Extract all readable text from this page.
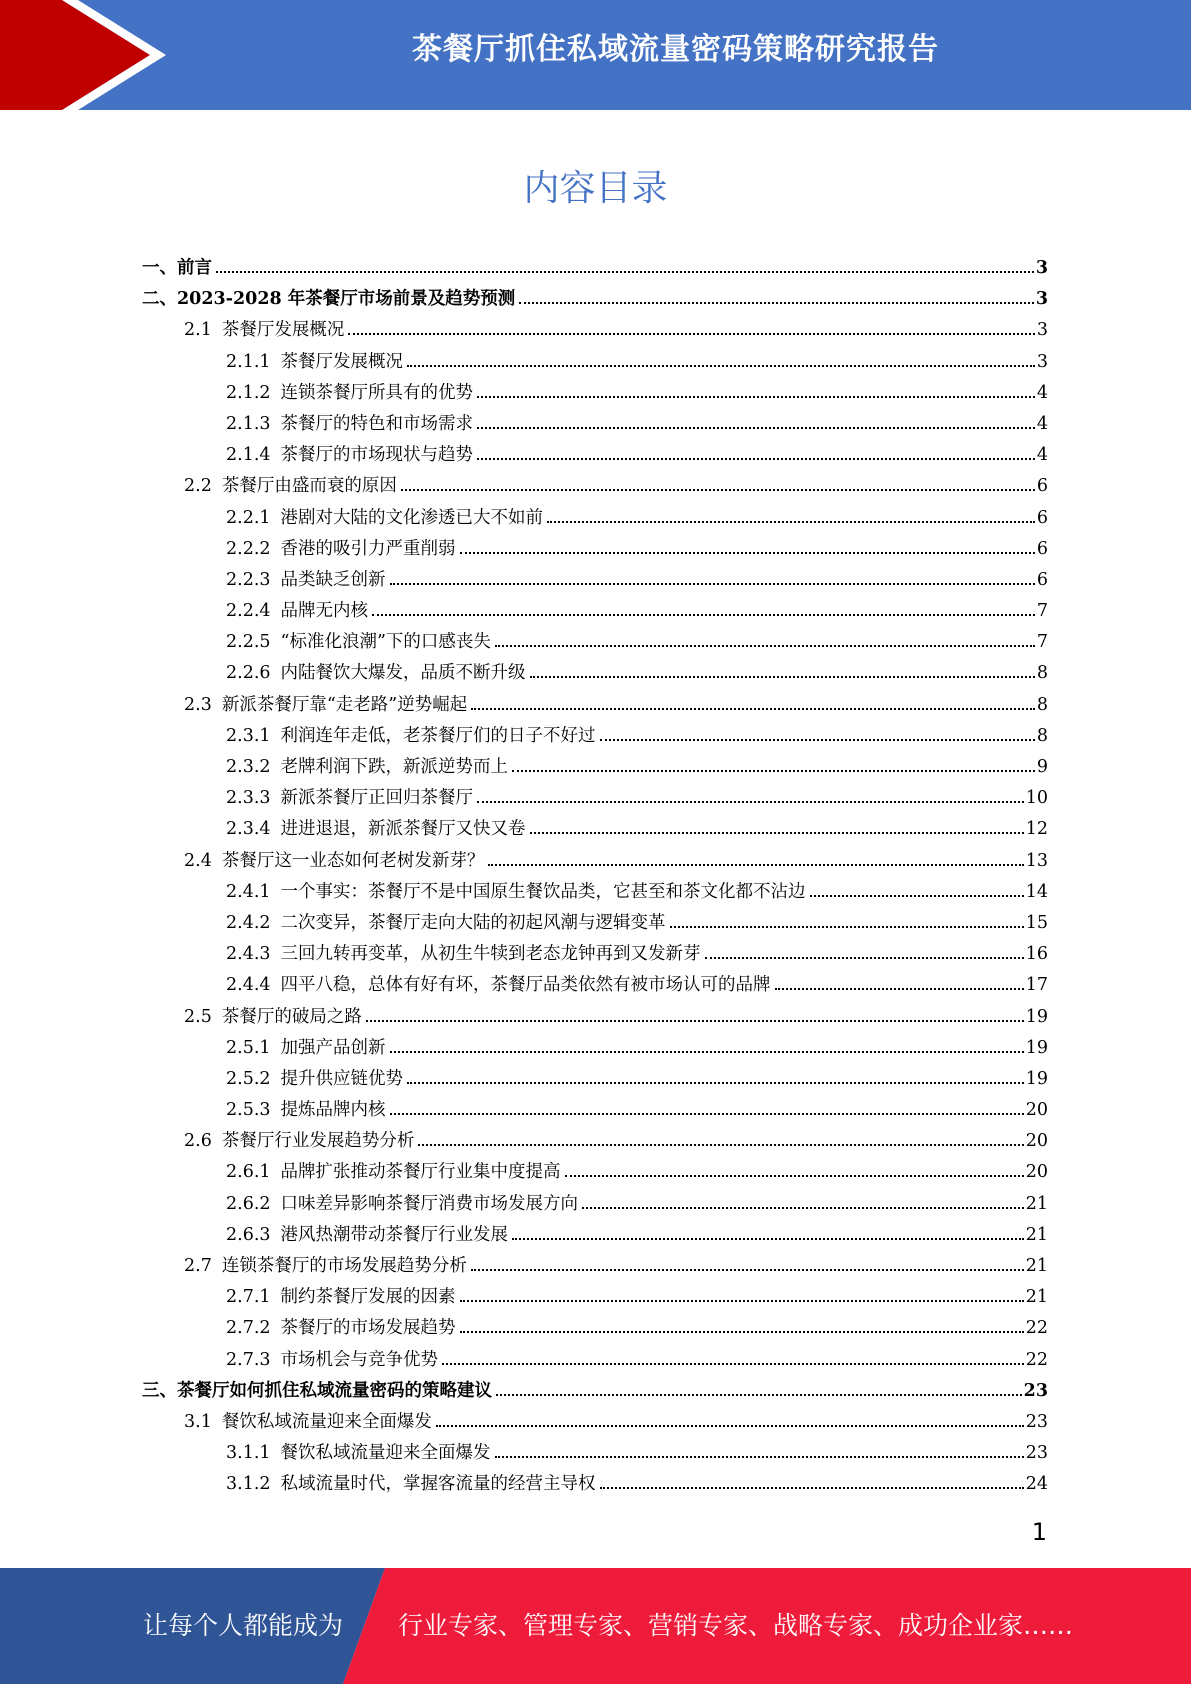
茶餐厅抓住私域流量密码策略研究报告
内容目录
一、 前言	3
二、 2023-2028 年茶餐厅市场前景及趋势预测	3
2.1 茶餐厅发展概况	3
2.1.1 茶餐厅发展概况	3
2.1.2 连锁茶餐厅所具有的优势	4
2.1.3 茶餐厅的特色和市场需求	4
2.1.4 茶餐厅的市场现状与趋势	4
2.2 茶餐厅由盛而衰的原因	6
2.2.1 港剧对大陆的文化渗透已大不如前	6
2.2.2 香港的吸引力严重削弱	6
2.2.3 品类缺乏创新	6
2.2.4 品牌无内核	7
2.2.5 “标准化浪潮”下的口感丧失	7
2.2.6 内陆餐饮大爆发，品质不断升级	8
2.3 新派茶餐厅靠“走老路”逆势崛起	8
2.3.1 利润连年走低，老茶餐厅们的日子不好过	8
2.3.2 老牌利润下跌，新派逆势而上	9
2.3.3 新派茶餐厅正回归茶餐厅	10
2.3.4 进进退退，新派茶餐厅又快又卷	12
2.4 茶餐厅这一业态如何老树发新芽？	13
2.4.1 一个事实：茶餐厅不是中国原生餐饮品类，它甚至和茶文化都不沾边	14
2.4.2 二次变异，茶餐厅走向大陆的初起风潮与逻辑变革	15
2.4.3 三回九转再变革，从初生牛犊到老态龙钟再到又发新芽	16
2.4.4 四平八稳，总体有好有坏，茶餐厅品类依然有被市场认可的品牌	17
2.5 茶餐厅的破局之路	19
2.5.1 加强产品创新	19
2.5.2 提升供应链优势	19
2.5.3 提炼品牌内核	20
2.6 茶餐厅行业发展趋势分析	20
2.6.1 品牌扩张推动茶餐厅行业集中度提高	20
2.6.2 口味差异影响茶餐厅消费市场发展方向	21
2.6.3 港风热潮带动茶餐厅行业发展	21
2.7 连锁茶餐厅的市场发展趋势分析	21
2.7.1 制约茶餐厅发展的因素	21
2.7.2 茶餐厅的市场发展趋势	22
2.7.3 市场机会与竞争优势	22
三、 茶餐厅如何抓住私域流量密码的策略建议	23
3.1 餐饮私域流量迎来全面爆发	23
3.1.1 餐饮私域流量迎来全面爆发	23
3.1.2 私域流量时代，掌握客流量的经营主导权	24
1
让每个人都能成为 行业专家、管理专家、营销专家、战略专家、成功企业家……
